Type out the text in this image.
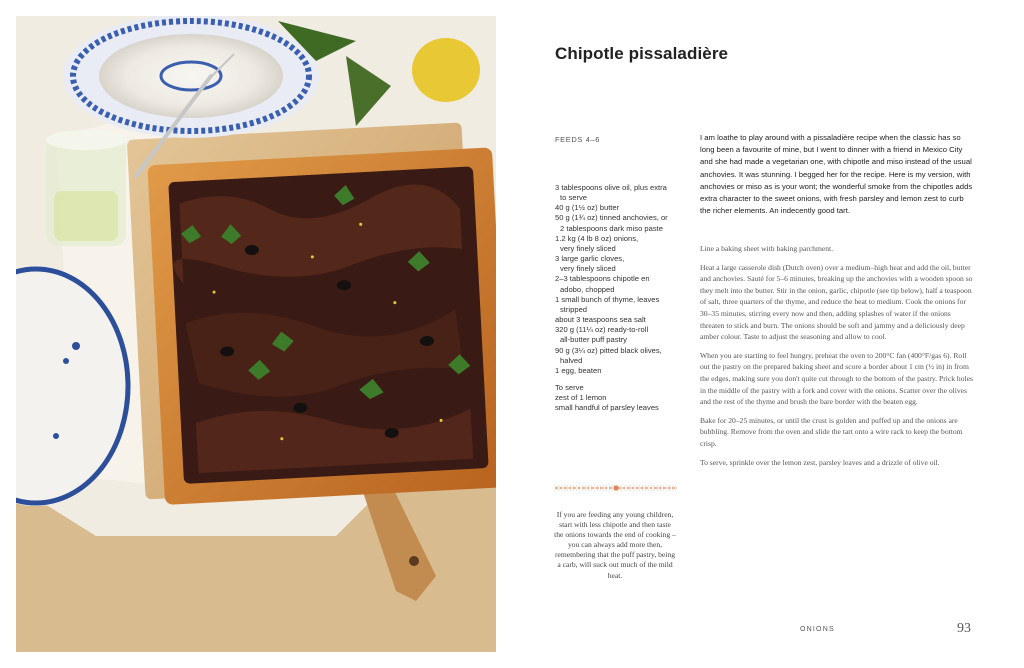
Chipotle pissaladière
FEEDS 4–6
3 tablespoons olive oil, plus extra
to serve
40 g (1½ oz) butter
50 g (1¾ oz) tinned anchovies, or
2 tablespoons dark miso paste
1.2 kg (4 lb 8 oz) onions,
very finely sliced
3 large garlic cloves,
very finely sliced
2–3 tablespoons chipotle en
adobo, chopped
1 small bunch of thyme, leaves
stripped
about 3 teaspoons sea salt
320 g (11¼ oz) ready-to-roll
all-butter puff pastry
90 g (3¼ oz) pitted black olives,
halved
1 egg, beaten
To serve
zest of 1 lemon
small handful of parsley leaves

If you are feeding any young children, start with less chipotle and then taste the onions towards the end of cooking – you can always add more then, remembering that the puff pastry, being a carb, will suck out much of the mild heat.

I am loathe to play around with a pissaladière recipe when the classic has so long been a favourite of mine, but I went to dinner with a friend in Mexico City and she had made a vegetarian one, with chipotle and miso instead of the usual anchovies. It was stunning. I begged her for the recipe. Here is my version, with anchovies or miso as is your wont; the wonderful smoke from the chipotles adds extra character to the sweet onions, with fresh parsley and lemon zest to curb the richer elements. An indecently good tart.

Line a baking sheet with baking parchment.

Heat a large casserole dish (Dutch oven) over a medium–high heat and add the oil, butter and anchovies. Sauté for 5–6 minutes, breaking up the anchovies with a wooden spoon so they melt into the butter. Stir in the onion, garlic, chipotle (see tip below), half a teaspoon of salt, three quarters of the thyme, and reduce the heat to medium. Cook the onions for 30–35 minutes, stirring every now and then, adding splashes of water if the onions threaten to stick and burn. The onions should be soft and jammy and a deliciously deep amber colour. Taste to adjust the seasoning and allow to cool.

When you are starting to feel hungry, preheat the oven to 200°C fan (400°F/gas 6). Roll out the pastry on the prepared baking sheet and score a border about 1 cm (½ in) in from the edges, making sure you don't quite cut through to the bottom of the pastry. Prick holes in the middle of the pastry with a fork and cover with the onions. Scatter over the olives and the rest of the thyme and brush the bare border with the beaten egg.

Bake for 20–25 minutes, or until the crust is golden and puffed up and the onions are bubbling. Remove from the oven and slide the tart onto a wire rack to keep the bottom crisp.

To serve, sprinkle over the lemon zest, parsley leaves and a drizzle of olive oil.

ONIONS	93
